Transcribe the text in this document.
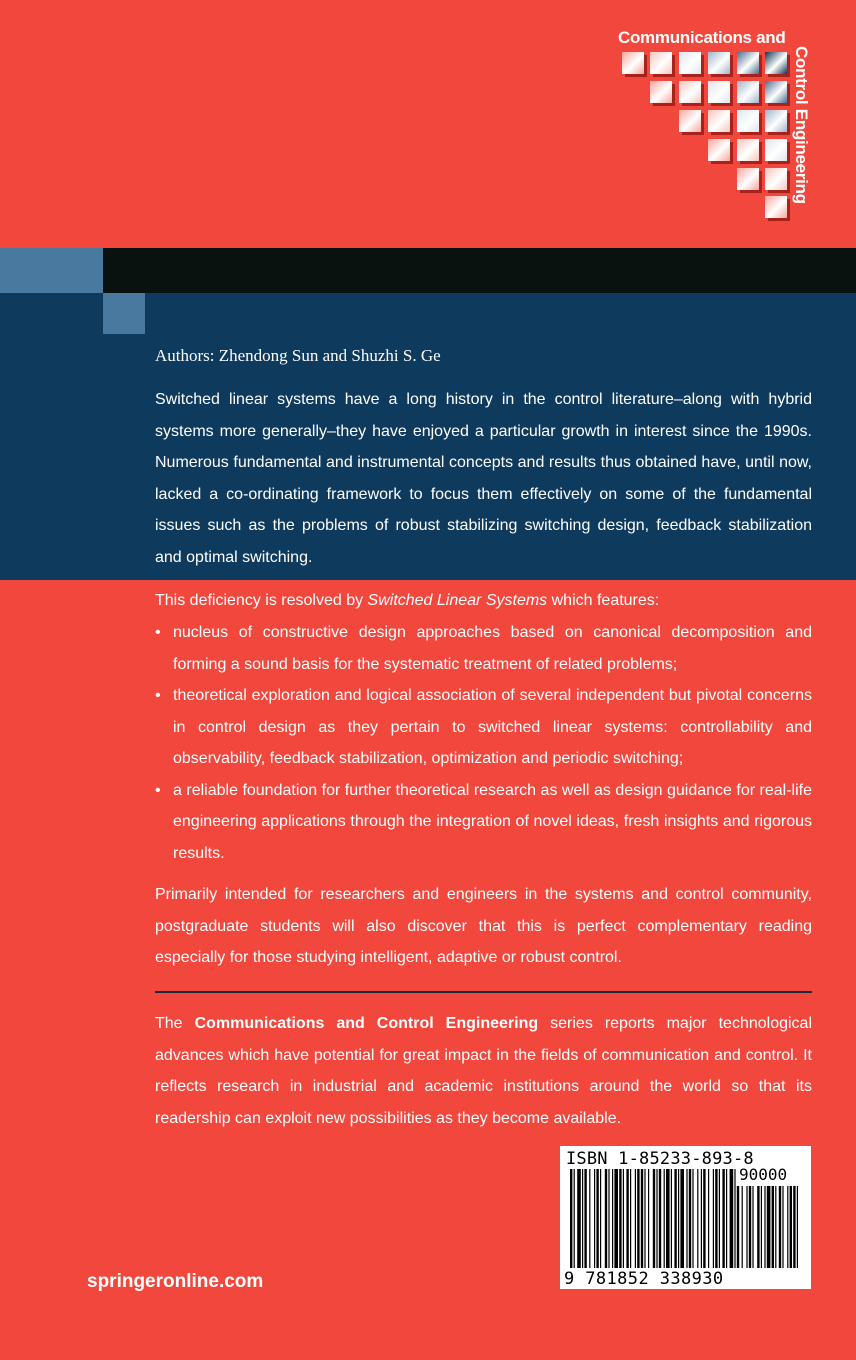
Communications and
Control Engineering
Authors: Zhendong Sun and Shuzhi S. Ge
Switched linear systems have a long history in the control literature–along with hybrid systems more generally–they have enjoyed a particular growth in interest since the 1990s. Numerous fundamental and instrumental concepts and results thus obtained have, until now, lacked a co-ordinating framework to focus them effectively on some of the fundamental issues such as the problems of robust stabilizing switching design, feedback stabilization and optimal switching.
This deficiency is resolved by Switched Linear Systems which features:
• nucleus of constructive design approaches based on canonical decomposition and forming a sound basis for the systematic treatment of related problems;
• theoretical exploration and logical association of several independent but pivotal concerns in control design as they pertain to switched linear systems: controllability and observability, feedback stabilization, optimization and periodic switching;
• a reliable foundation for further theoretical research as well as design guidance for real-life engineering applications through the integration of novel ideas, fresh insights and rigorous results.
Primarily intended for researchers and engineers in the systems and control community, postgraduate students will also discover that this is perfect complementary reading especially for those studying intelligent, adaptive or robust control.
The Communications and Control Engineering series reports major technological advances which have potential for great impact in the fields of communication and control. It reflects research in industrial and academic institutions around the world so that its readership can exploit new possibilities as they become available.
ISBN 1-85233-893-8
90000
9 781852 338930
springeronline.com
